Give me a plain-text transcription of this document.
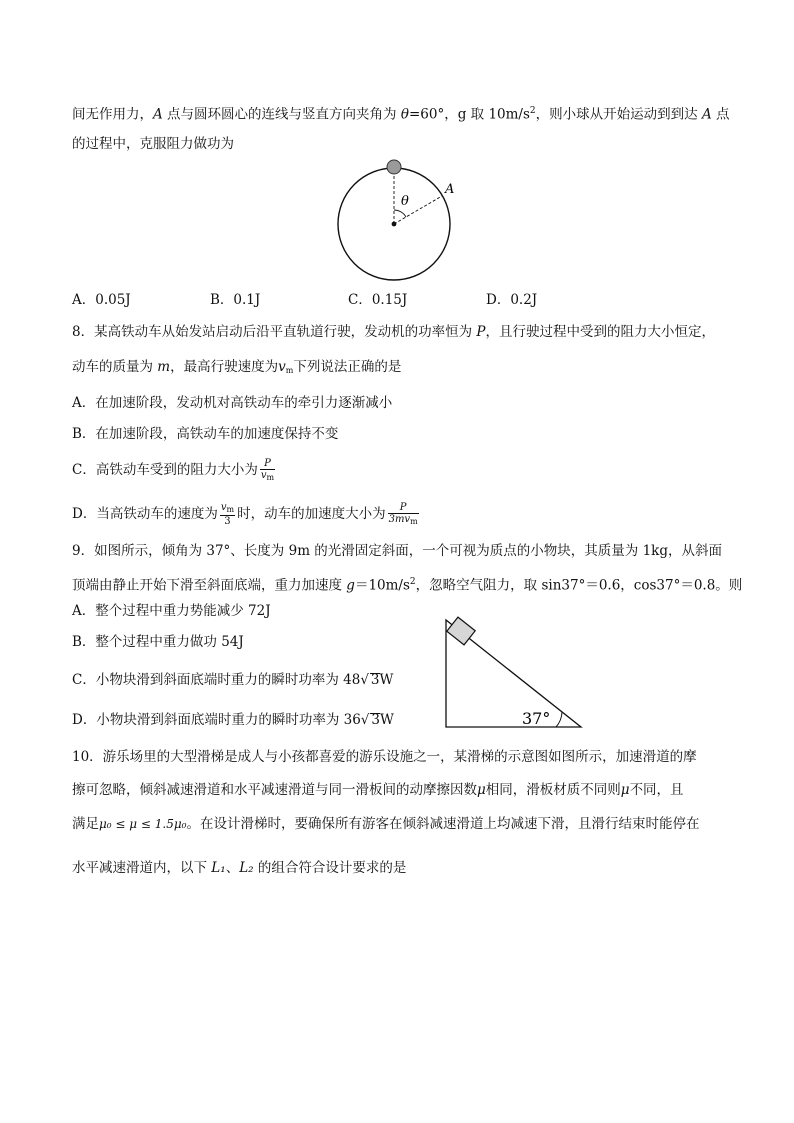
间无作用力，A 点与圆环圆心的连线与竖直方向夹角为 θ=60°，g 取 $10m/s^2$，则小球从开始运动到到达 A 点
的过程中，克服阻力做功为
θ
A
A．0.05J	B．0.1J	C．0.15J	D．0.2J
8．某高铁动车从始发站启动后沿平直轨道行驶，发动机的功率恒为 P，且行驶过程中受到的阻力大小恒定，
动车的质量为 m，最高行驶速度为$v_m$下列说法正确的是
A．在加速阶段，发动机对高铁动车的牵引力逐渐减小
B．在加速阶段，高铁动车的加速度保持不变
C．高铁动车受到的阻力大小为 $\frac{P}{v_m}$
D．当高铁动车的速度为 $\frac{v_m}{3}$ 时，动车的加速度大小为 $\frac{P}{3mv_m}$
9．如图所示，倾角为 37°、长度为 9m 的光滑固定斜面，一个可视为质点的小物块，其质量为 1kg，从斜面
顶端由静止开始下滑至斜面底端，重力加速度 $g=10m/s^2$，忽略空气阻力，取 sin37°＝0.6，cos37°＝0.8。则
A．整个过程中重力势能减少 72J
B．整个过程中重力做功 54J
C．小物块滑到斜面底端时重力的瞬时功率为 48√ 3W
D．小物块滑到斜面底端时重力的瞬时功率为 36√ 3W	37°
10．游乐场里的大型滑梯是成人与小孩都喜爱的游乐设施之一，某滑梯的示意图如图所示，加速滑道的摩
擦可忽略，倾斜减速滑道和水平减速滑道与同一滑板间的动摩擦因数μ相同，滑板材质不同则μ不同，且
满足μ₀ ≤ μ ≤ 1.5μ₀。在设计滑梯时，要确保所有游客在倾斜减速滑道上均减速下滑，且滑行结束时能停在
水平减速滑道内，以下 L₁、L₂ 的组合符合设计要求的是
